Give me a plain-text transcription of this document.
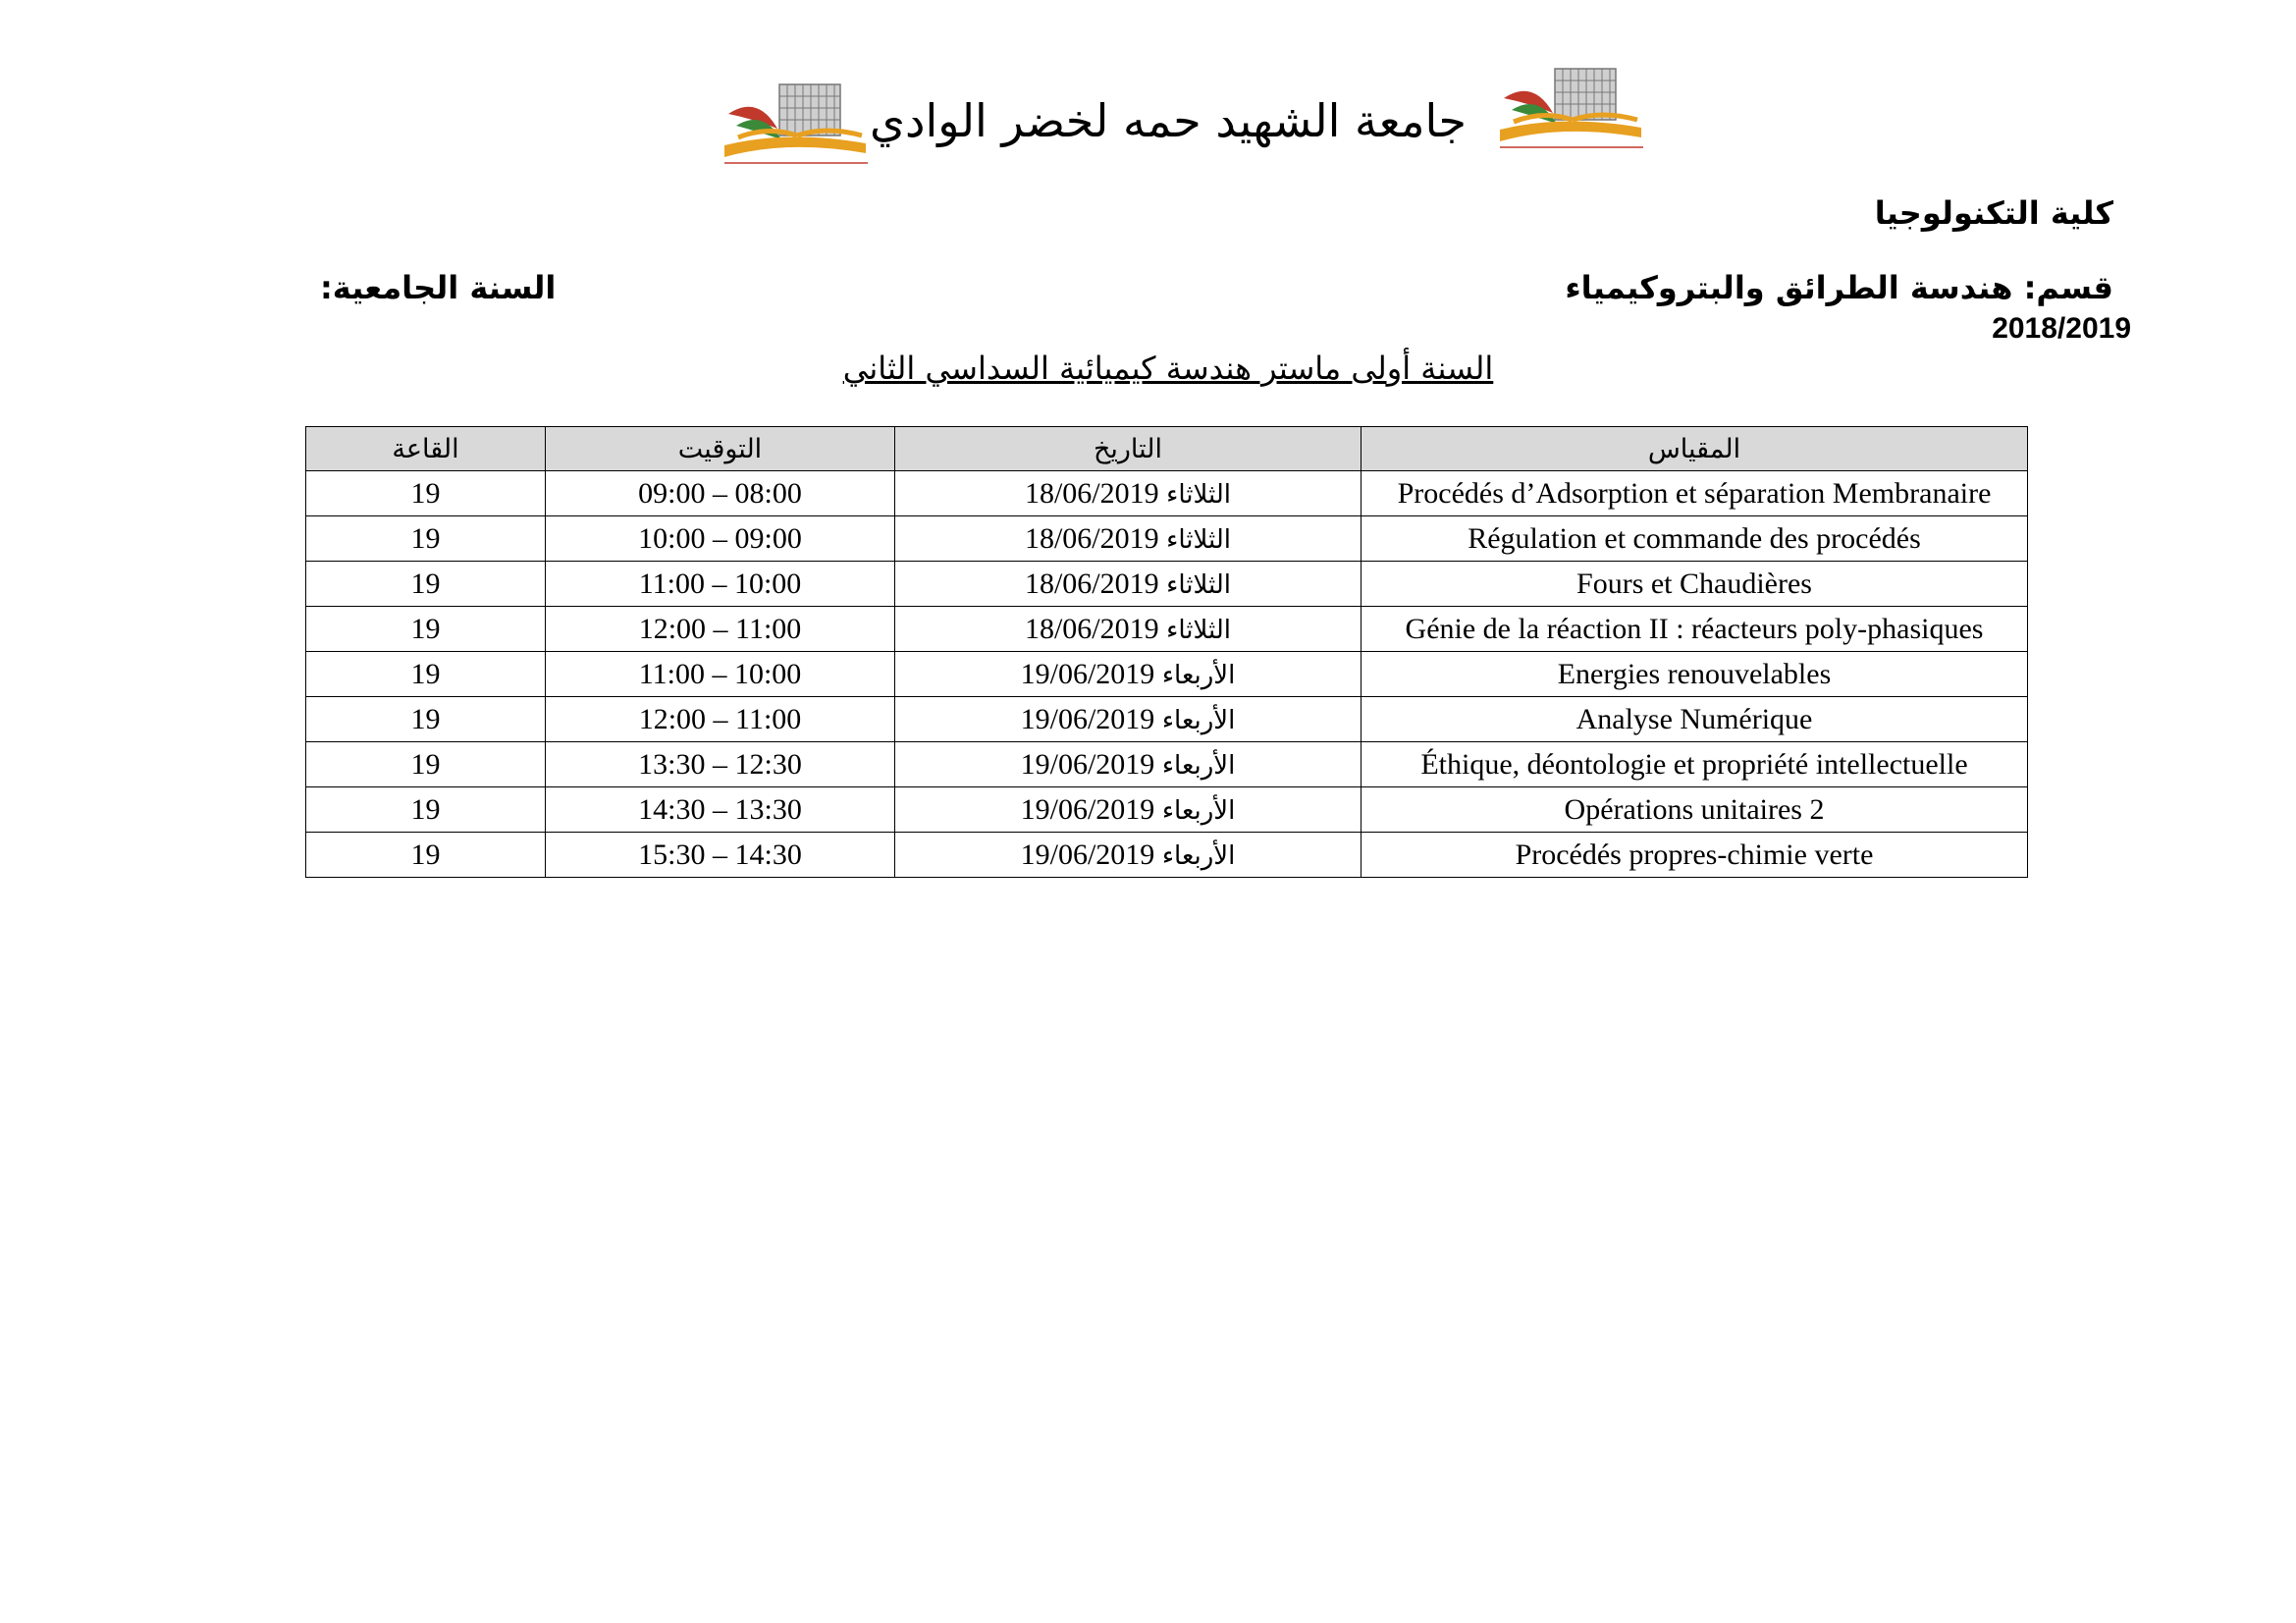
جامعة الشهيد حمه لخضر الوادي
كلية التكنولوجيا
قسم: هندسة الطرائق والبتروكيمياء
السنة الجامعية:
2018/2019
السنة أولى ماستر هندسة كيميائية السداسي الثاني
القاعة	التوقيت	التاريخ	المقياس
19	09:00 – 08:00	18/06/2019 الثلاثاء	Procédés d’Adsorption et séparation Membranaire
19	10:00 – 09:00	18/06/2019 الثلاثاء	Régulation et commande des procédés
19	11:00 – 10:00	18/06/2019 الثلاثاء	Fours et Chaudières
19	12:00 – 11:00	18/06/2019 الثلاثاء	Génie de la réaction II : réacteurs poly-phasiques
19	11:00 – 10:00	19/06/2019 الأربعاء	Energies renouvelables
19	12:00 – 11:00	19/06/2019 الأربعاء	Analyse Numérique
19	13:30 – 12:30	19/06/2019 الأربعاء	Éthique, déontologie et propriété intellectuelle
19	14:30 – 13:30	19/06/2019 الأربعاء	Opérations unitaires 2
19	15:30 – 14:30	19/06/2019 الأربعاء	Procédés propres-chimie verte
